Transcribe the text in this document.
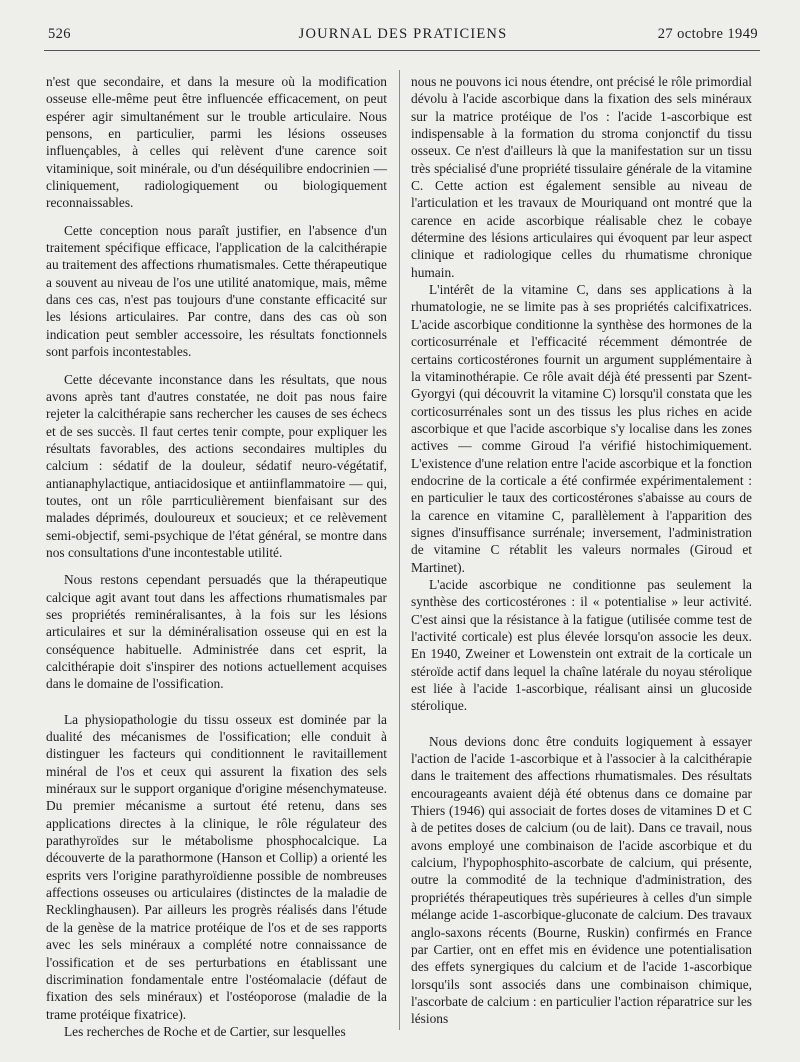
526	JOURNAL DES PRATICIENS	27 octobre 1949

n'est que secondaire, et dans la mesure où la modification osseuse elle-même peut être influencée efficacement, on peut espérer agir simultanément sur le trouble articulaire. Nous pensons, en particulier, parmi les lésions osseuses influençables, à celles qui relèvent d'une carence soit vitaminique, soit minérale, ou d'un déséquilibre endocrinien — cliniquement, radiologiquement ou biologiquement reconnaissables.

Cette conception nous paraît justifier, en l'absence d'un traitement spécifique efficace, l'application de la calcithérapie au traitement des affections rhumatismales. Cette thérapeutique a souvent au niveau de l'os une utilité anatomique, mais, même dans ces cas, n'est pas toujours d'une constante efficacité sur les lésions articulaires. Par contre, dans des cas où son indication peut sembler accessoire, les résultats fonctionnels sont parfois incontestables.

Cette décevante inconstance dans les résultats, que nous avons après tant d'autres constatée, ne doit pas nous faire rejeter la calcithérapie sans rechercher les causes de ses échecs et de ses succès. Il faut certes tenir compte, pour expliquer les résultats favorables, des actions secondaires multiples du calcium : sédatif de la douleur, sédatif neuro-végétatif, antianaphylactique, antiacidosique et antiinflammatoire — qui, toutes, ont un rôle parrticulièrement bienfaisant sur des malades déprimés, douloureux et soucieux; et ce relèvement semi-objectif, semi-psychique de l'état général, se montre dans nos consultations d'une incontestable utilité.

Nous restons cependant persuadés que la thérapeutique calcique agit avant tout dans les affections rhumatismales par ses propriétés reminéralisantes, à la fois sur les lésions articulaires et sur la déminéralisation osseuse qui en est la conséquence habituelle. Administrée dans cet esprit, la calcithérapie doit s'inspirer des notions actuellement acquises dans le domaine de l'ossification.

La physiopathologie du tissu osseux est dominée par la dualité des mécanismes de l'ossification; elle conduit à distinguer les facteurs qui conditionnent le ravitaillement minéral de l'os et ceux qui assurent la fixation des sels minéraux sur le support organique d'origine mésenchymateuse. Du premier mécanisme a surtout été retenu, dans ses applications directes à la clinique, le rôle régulateur des parathyroïdes sur le métabolisme phosphocalcique. La découverte de la parathormone (Hanson et Collip) a orienté les esprits vers l'origine parathyroïdienne possible de nombreuses affections osseuses ou articulaires (distinctes de la maladie de Recklinghausen). Par ailleurs les progrès réalisés dans l'étude de la genèse de la matrice protéique de l'os et de ses rapports avec les sels minéraux a complété notre connaissance de l'ossification et de ses perturbations en établissant une discrimination fondamentale entre l'ostéomalacie (défaut de fixation des sels minéraux) et l'ostéoporose (maladie de la trame protéique fixatrice).

Les recherches de Roche et de Cartier, sur lesquelles

nous ne pouvons ici nous étendre, ont précisé le rôle primordial dévolu à l'acide ascorbique dans la fixation des sels minéraux sur la matrice protéique de l'os : l'acide 1-ascorbique est indispensable à la formation du stroma conjonctif du tissu osseux. Ce n'est d'ailleurs là que la manifestation sur un tissu très spécialisé d'une propriété tissulaire générale de la vitamine C. Cette action est également sensible au niveau de l'articulation et les travaux de Mouriquand ont montré que la carence en acide ascorbique réalisable chez le cobaye détermine des lésions articulaires qui évoquent par leur aspect clinique et radiologique celles du rhumatisme chronique humain.

L'intérêt de la vitamine C, dans ses applications à la rhumatologie, ne se limite pas à ses propriétés calcifixatrices. L'acide ascorbique conditionne la synthèse des hormones de la corticosurrénale et l'efficacité récemment démontrée de certains corticostérones fournit un argument supplémentaire à la vitaminothérapie. Ce rôle avait déjà été pressenti par Szent-Gyorgyi (qui découvrit la vitamine C) lorsqu'il constata que les corticosurrénales sont un des tissus les plus riches en acide ascorbique et que l'acide ascorbique s'y localise dans les zones actives — comme Giroud l'a vérifié histochimiquement. L'existence d'une relation entre l'acide ascorbique et la fonction endocrine de la corticale a été confirmée expérimentalement : en particulier le taux des corticostérones s'abaisse au cours de la carence en vitamine C, parallèlement à l'apparition des signes d'insuffisance surrénale; inversement, l'administration de vitamine C rétablit les valeurs normales (Giroud et Martinet).

L'acide ascorbique ne conditionne pas seulement la synthèse des corticostérones : il « potentialise » leur activité. C'est ainsi que la résistance à la fatigue (utilisée comme test de l'activité corticale) est plus élevée lorsqu'on associe les deux. En 1940, Zweiner et Lowenstein ont extrait de la corticale un stéroïde actif dans lequel la chaîne latérale du noyau stérolique est liée à l'acide 1-ascorbique, réalisant ainsi un glucoside stérolique.

Nous devions donc être conduits logiquement à essayer l'action de l'acide 1-ascorbique et à l'associer à la calcithérapie dans le traitement des affections rhumatismales. Des résultats encourageants avaient déjà été obtenus dans ce domaine par Thiers (1946) qui associait de fortes doses de vitamines D et C à de petites doses de calcium (ou de lait). Dans ce travail, nous avons employé une combinaison de l'acide ascorbique et du calcium, l'hypophosphito-ascorbate de calcium, qui présente, outre la commodité de la technique d'administration, des propriétés thérapeutiques très supérieures à celles d'un simple mélange acide 1-ascorbique-gluconate de calcium. Des travaux anglo-saxons récents (Bourne, Ruskin) confirmés en France par Cartier, ont en effet mis en évidence une potentialisation des effets synergiques du calcium et de l'acide 1-ascorbique lorsqu'ils sont associés dans une combinaison chimique, l'ascorbate de calcium : en particulier l'action réparatrice sur les lésions
